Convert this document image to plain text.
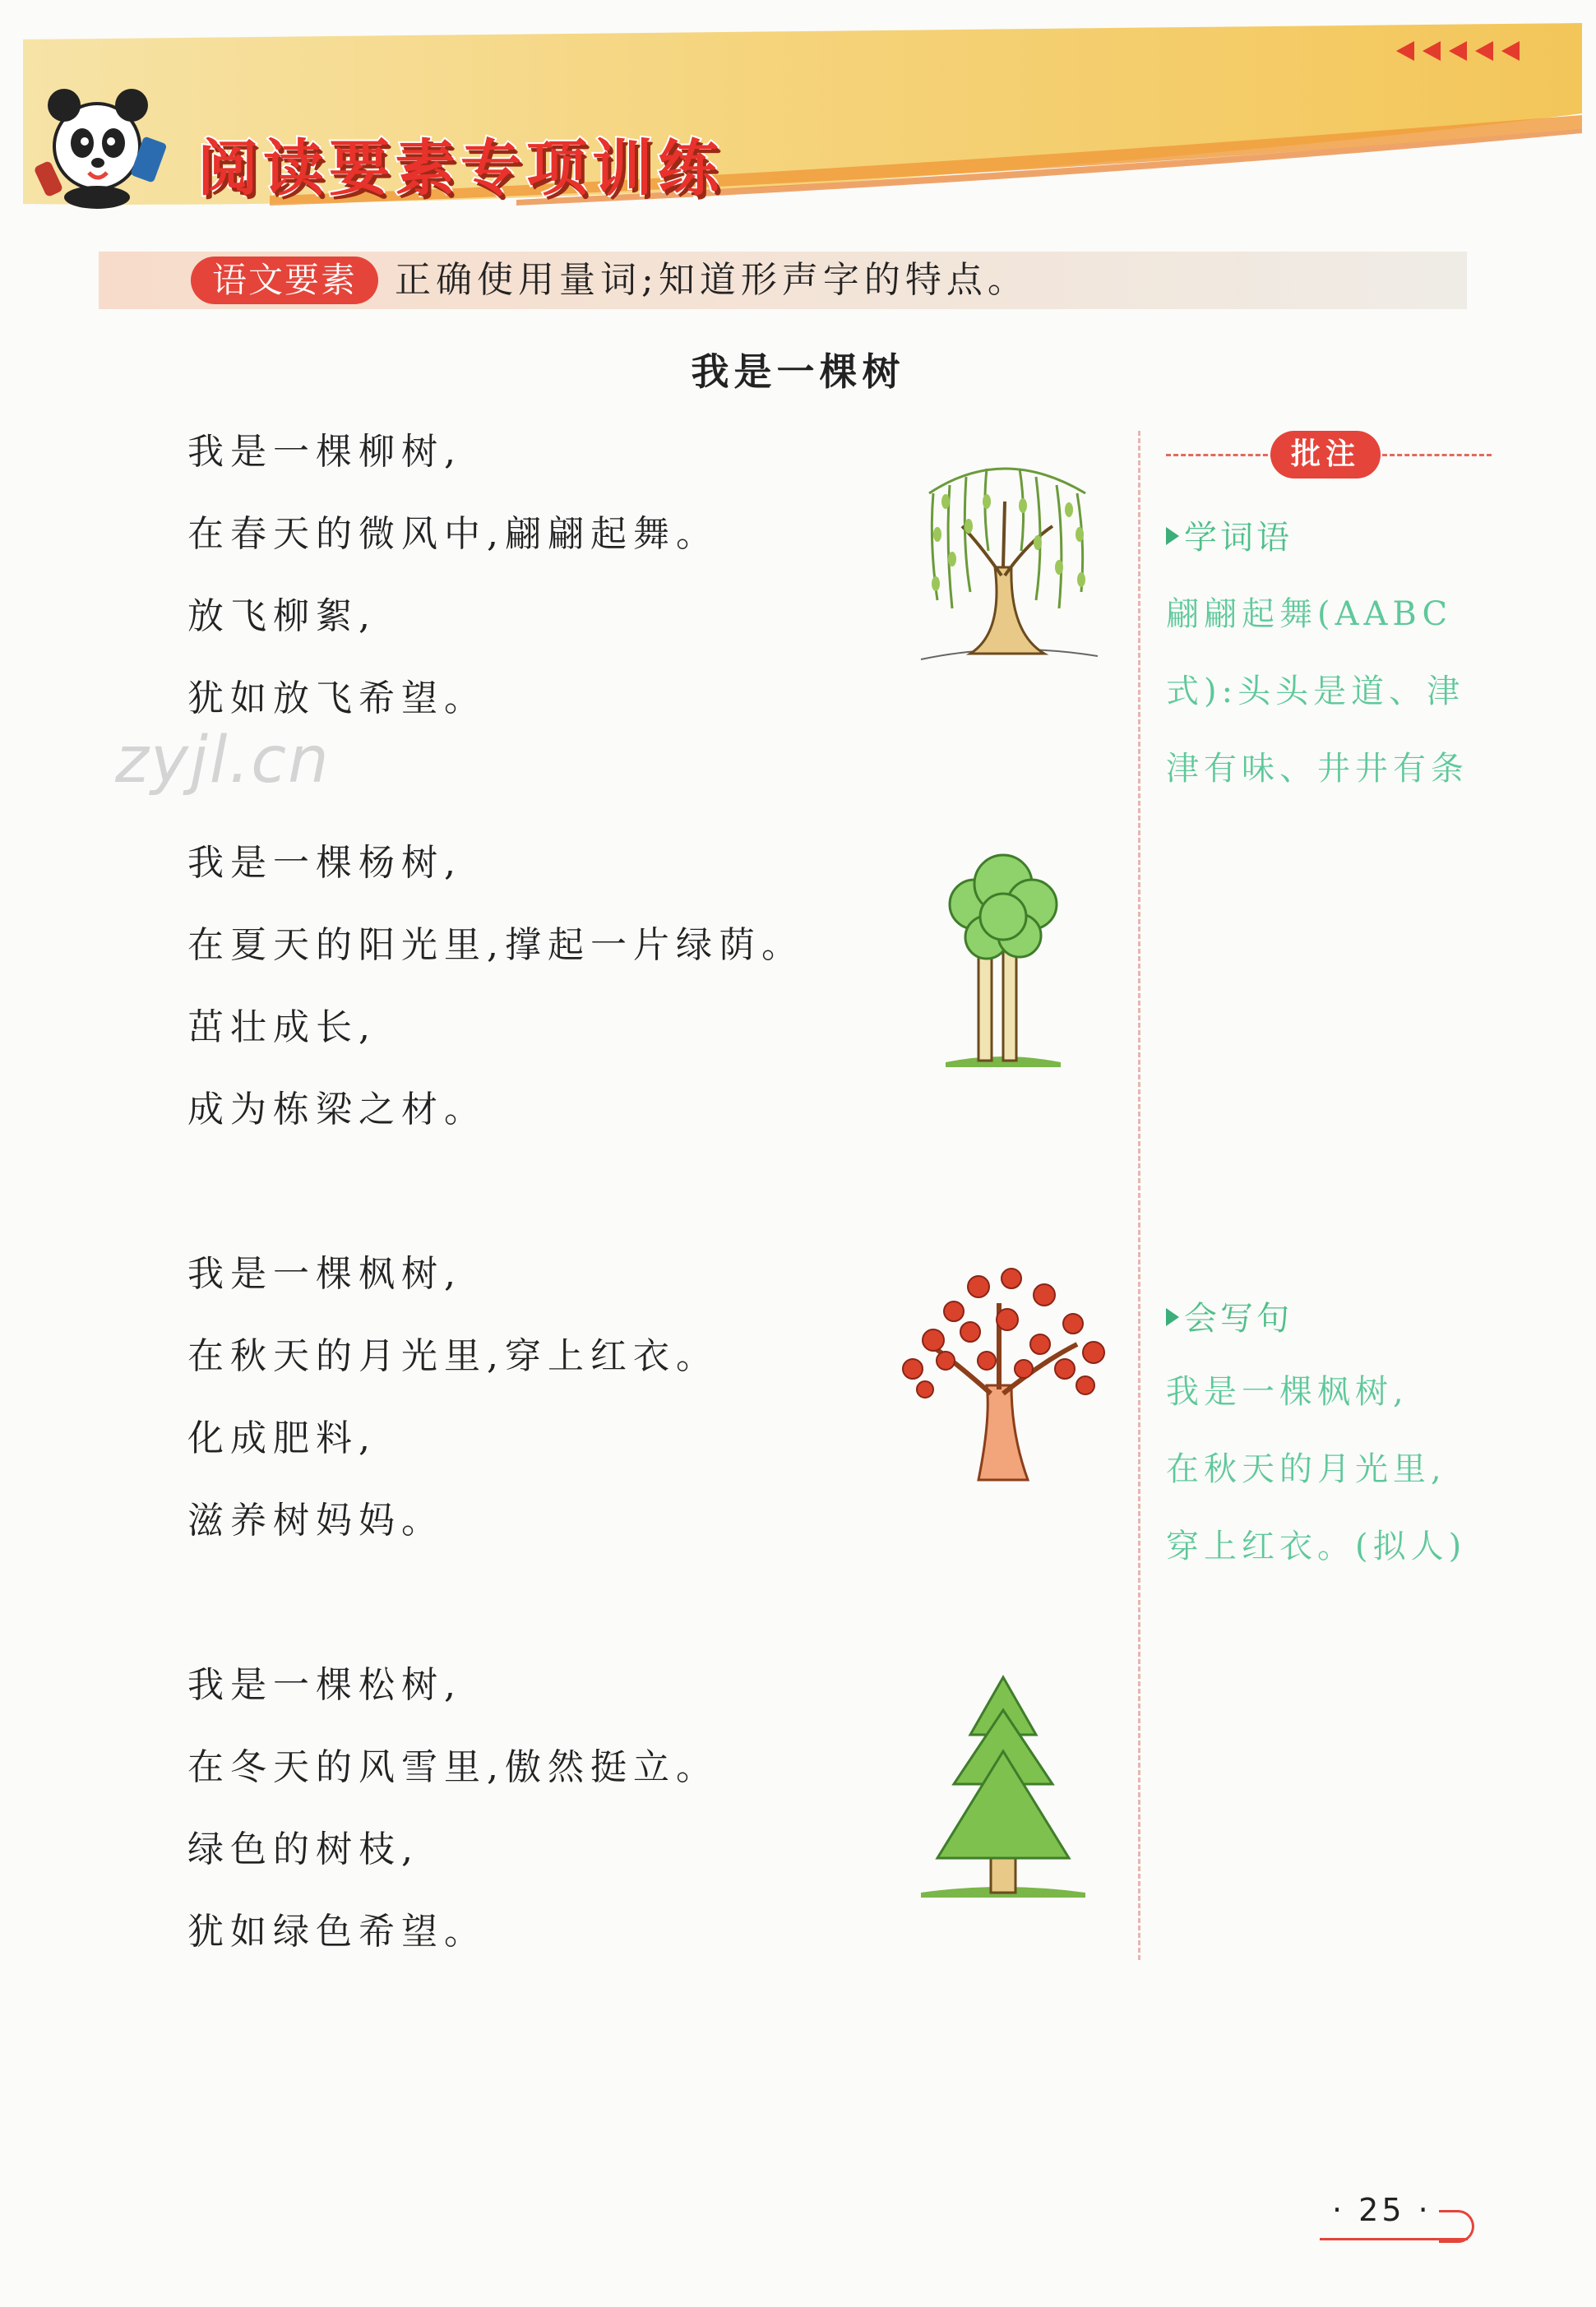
阅读要素专项训练
语文要素	正确使用量词;知道形声字的特点。
我是一棵树
zyjl.cn
我是一棵柳树,
在春天的微风中,翩翩起舞。
放飞柳絮,
犹如放飞希望。
我是一棵杨树,
在夏天的阳光里,撑起一片绿荫。
茁壮成长,
成为栋梁之材。
我是一棵枫树,
在秋天的月光里,穿上红衣。
化成肥料,
滋养树妈妈。
我是一棵松树,
在冬天的风雪里,傲然挺立。
绿色的树枝,
犹如绿色希望。
批注
学词语
翩翩起舞(AABC
式):头头是道、津
津有味、井井有条
会写句
我是一棵枫树,
在秋天的月光里,
穿上红衣。(拟人)
· 25 ·
